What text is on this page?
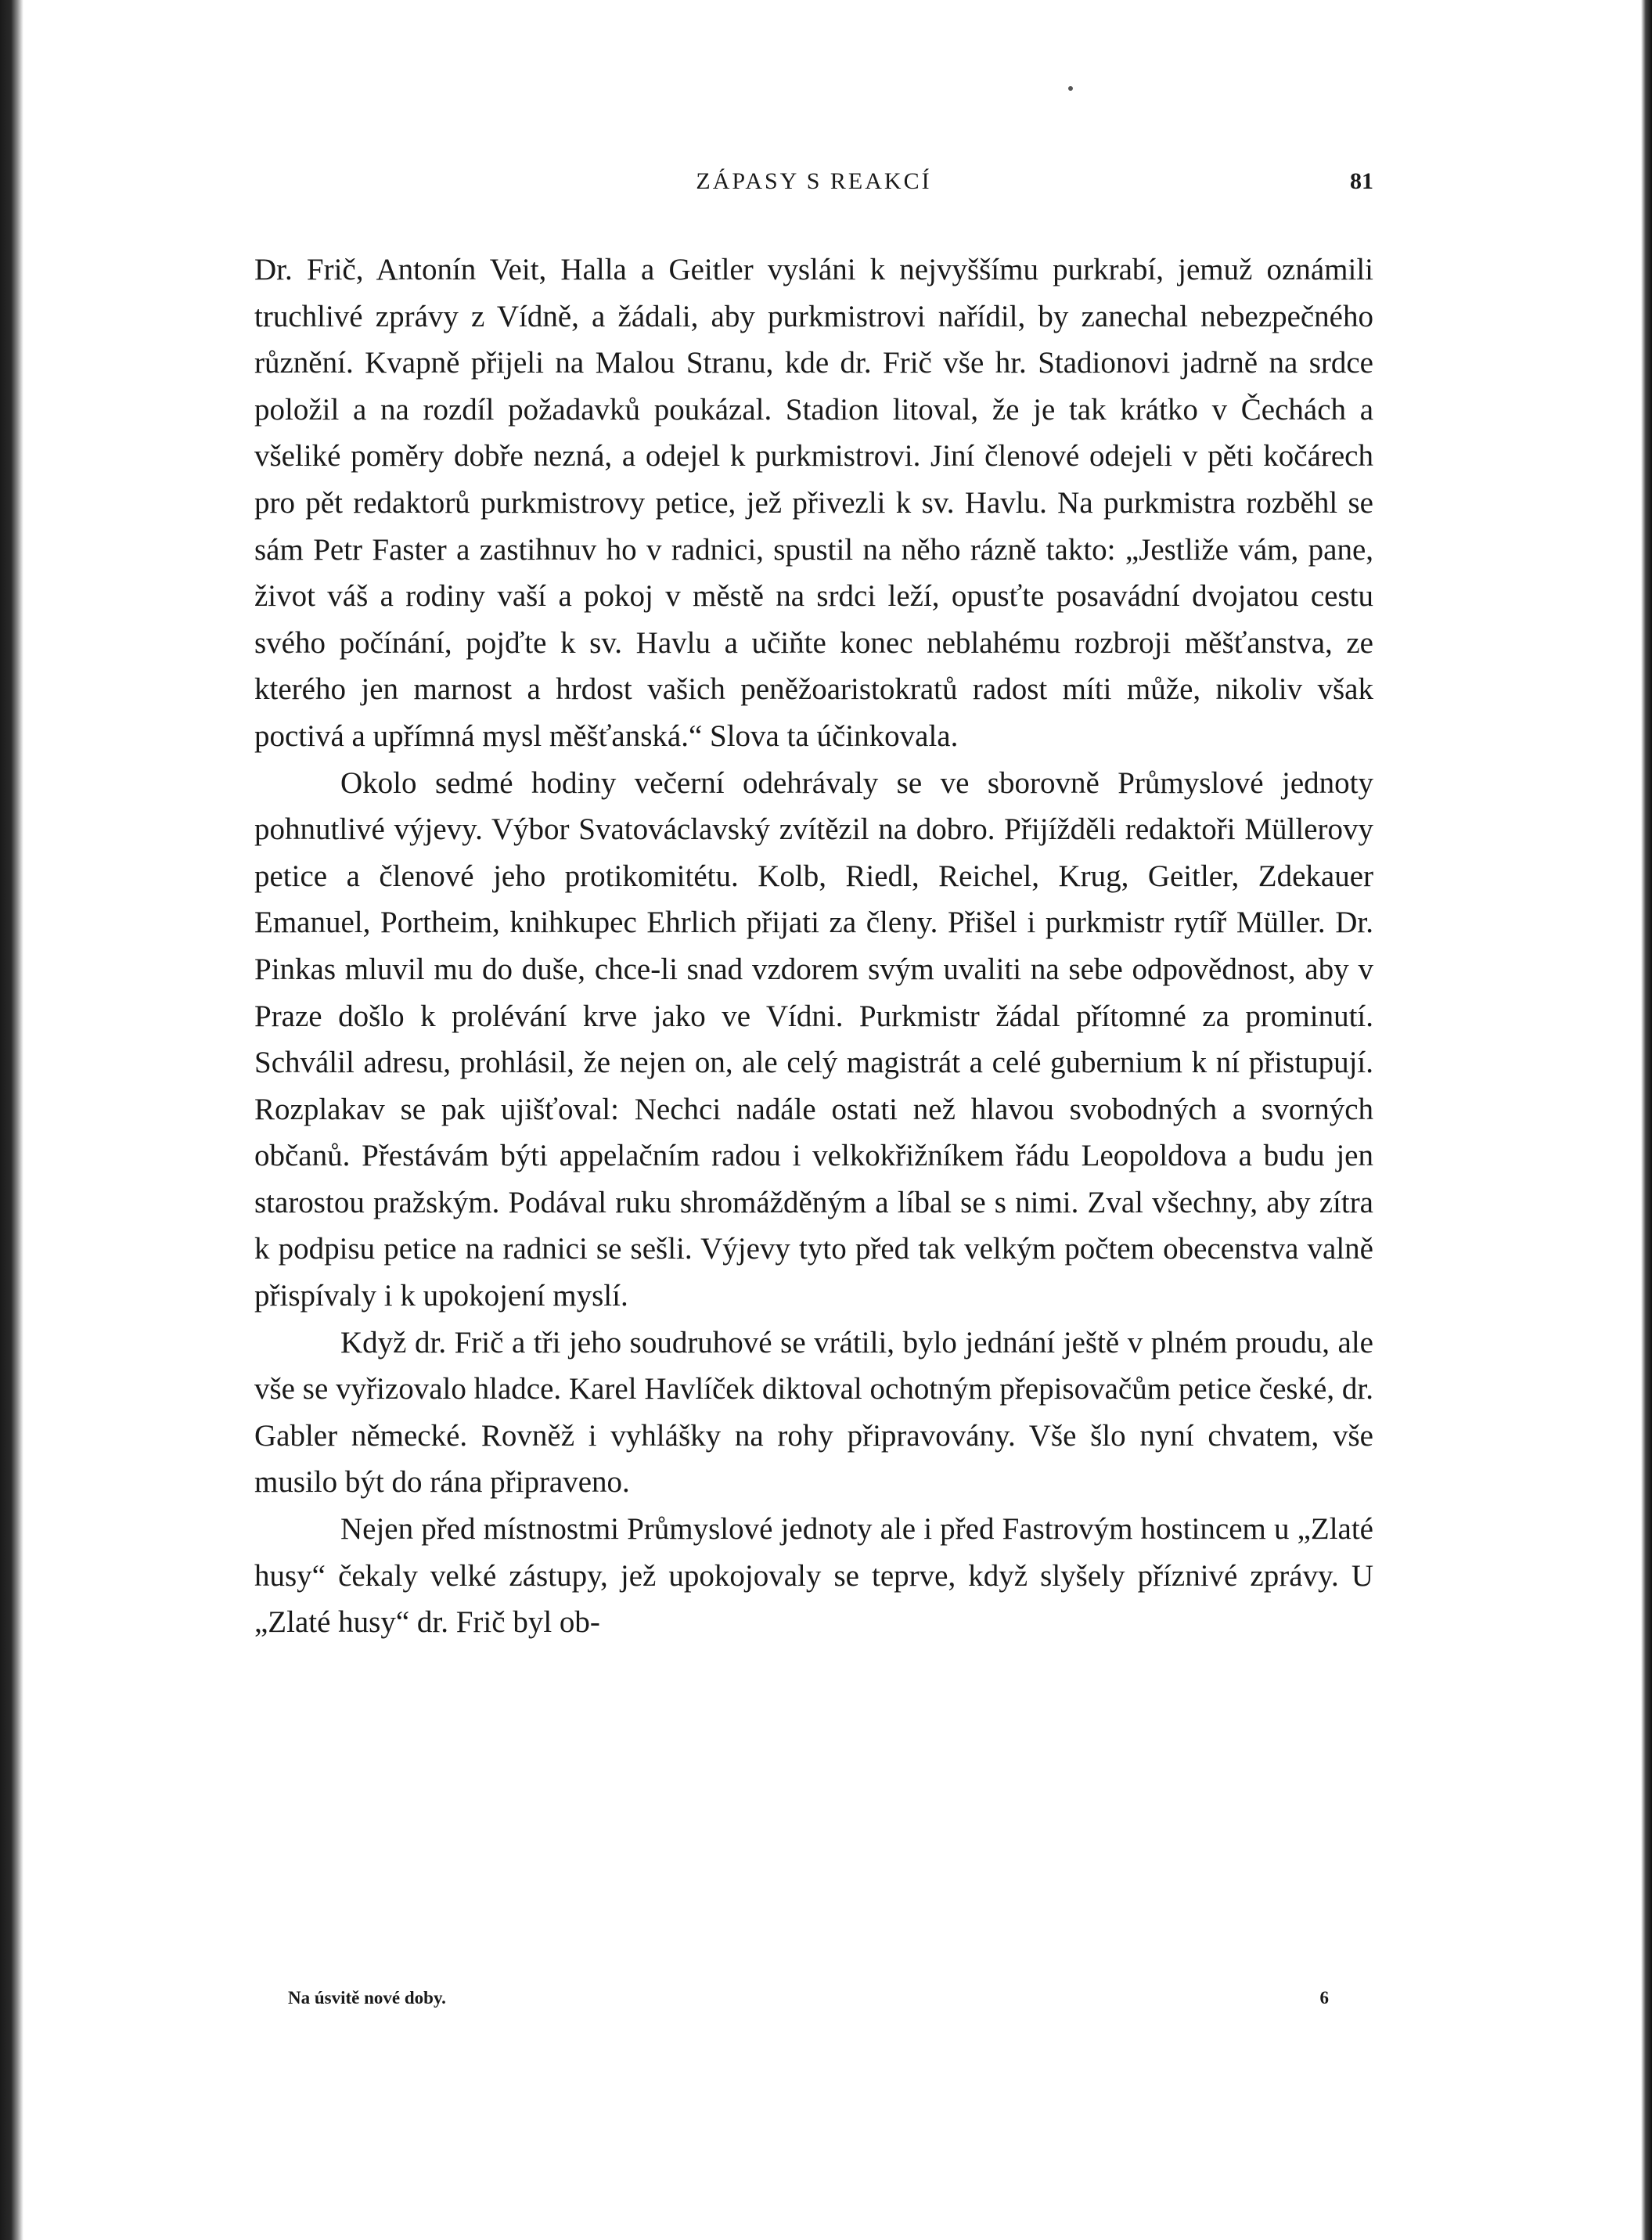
ZÁPASY S REAKCÍ	81

Dr. Frič, Antonín Veit, Halla a Geitler vysláni k nejvyššímu purkrabí, jemuž oznámili truchlivé zprávy z Vídně, a žádali, aby purkmistrovi nařídil, by zanechal nebezpečného různění. Kvapně přijeli na Malou Stranu, kde dr. Frič vše hr. Stadionovi jadrně na srdce položil a na rozdíl požadavků poukázal. Stadion litoval, že je tak krátko v Čechách a všeliké poměry dobře nezná, a odejel k purkmistrovi. Jiní členové odejeli v pěti kočárech pro pět redaktorů purkmistrovy petice, jež přivezli k sv. Havlu. Na purkmistra rozběhl se sám Petr Faster a zastihnuv ho v radnici, spustil na něho rázně takto: „Jestliže vám, pane, život váš a rodiny vaší a pokoj v městě na srdci leží, opusťte posavádní dvojatou cestu svého počínání, pojďte k sv. Havlu a učiňte konec neblahému rozbroji měšťanstva, ze kterého jen marnost a hrdost vašich peněžoaristokratů radost míti může, nikoliv však poctivá a upřímná mysl měšťanská.“ Slova ta účinkovala.

Okolo sedmé hodiny večerní odehrávaly se ve sborovně Průmyslové jednoty pohnutlivé výjevy. Výbor Svatováclavský zvítězil na dobro. Přijížděli redaktoři Müllerovy petice a členové jeho protikomitétu. Kolb, Riedl, Reichel, Krug, Geitler, Zdekauer Emanuel, Portheim, knihkupec Ehrlich přijati za členy. Přišel i purkmistr rytíř Müller. Dr. Pinkas mluvil mu do duše, chce-li snad vzdorem svým uvaliti na sebe odpovědnost, aby v Praze došlo k prolévání krve jako ve Vídni. Purkmistr žádal přítomné za prominutí. Schválil adresu, prohlásil, že nejen on, ale celý magistrát a celé gubernium k ní přistupují. Rozplakav se pak ujišťoval: Nechci nadále ostati než hlavou svobodných a svorných občanů. Přestávám býti appelačním radou i velkokřižníkem řádu Leopoldova a budu jen starostou pražským. Podával ruku shromážděným a líbal se s nimi. Zval všechny, aby zítra k podpisu petice na radnici se sešli. Výjevy tyto před tak velkým počtem obecenstva valně přispívaly i k upokojení myslí.

Když dr. Frič a tři jeho soudruhové se vrátili, bylo jednání ještě v plném proudu, ale vše se vyřizovalo hladce. Karel Havlíček diktoval ochotným přepisovačům petice české, dr. Gabler německé. Rovněž i vyhlášky na rohy připravovány. Vše šlo nyní chvatem, vše musilo být do rána připraveno.

Nejen před místnostmi Průmyslové jednoty ale i před Fastrovým hostincem u „Zlaté husy“ čekaly velké zástupy, jež upokojovaly se teprve, když slyšely příznivé zprávy. U „Zlaté husy“ dr. Frič byl ob-

Na úsvitě nové doby.	6
